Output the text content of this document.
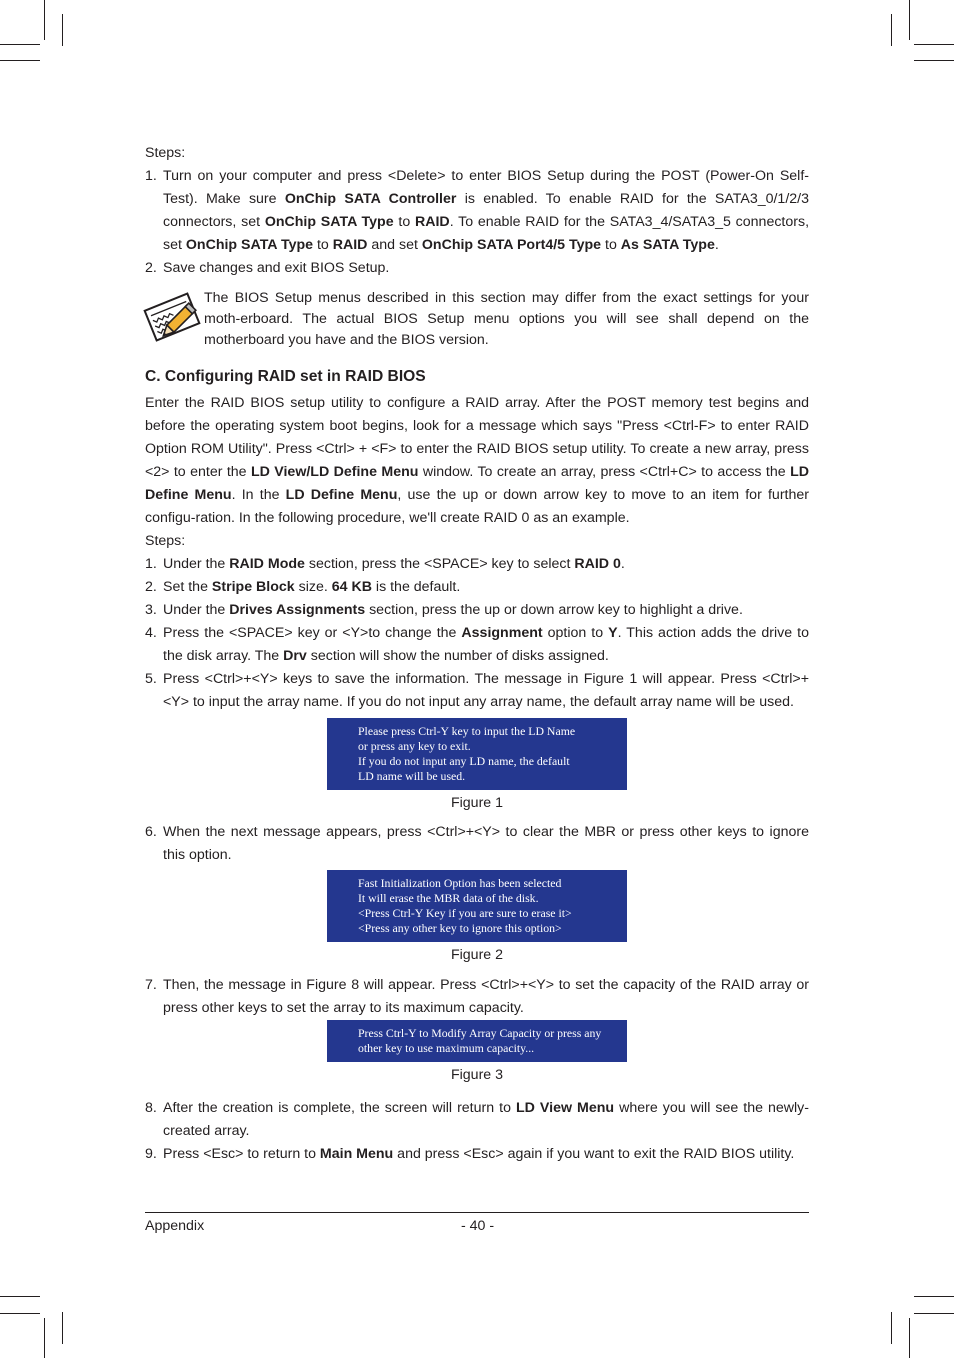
Steps:

1. Turn on your computer and press <Delete> to enter BIOS Setup during the POST (Power-On Self-Test). Make sure OnChip SATA Controller is enabled. To enable RAID for the SATA3_0/1/2/3 connectors, set OnChip SATA Type to RAID. To enable RAID for the SATA3_4/SATA3_5 connectors, set OnChip SATA Type to RAID and set OnChip SATA Port4/5 Type to As SATA Type.
2. Save changes and exit BIOS Setup.
The BIOS Setup menus described in this section may differ from the exact settings for your moth-erboard. The actual BIOS Setup menu options you will see shall depend on the motherboard you have and the BIOS version.
C. Configuring RAID set in RAID BIOS
Enter the RAID BIOS setup utility to configure a RAID array. After the POST memory test begins and before the operating system boot begins, look for a message which says "Press <Ctrl-F> to enter RAID Option ROM Utility". Press <Ctrl> + <F> to enter the RAID BIOS setup utility. To create a new array, press <2> to enter the LD View/LD Define Menu window. To create an array, press <Ctrl+C> to access the LD Define Menu. In the LD Define Menu, use the up or down arrow key to move to an item for further configu-ration. In the following procedure, we'll create RAID 0 as an example.

Steps:

1. Under the RAID Mode section, press the <SPACE> key to select RAID 0.
2. Set the Stripe Block size. 64 KB is the default.
3. Under the Drives Assignments section, press the up or down arrow key to highlight a drive.
4. Press the <SPACE> key or <Y>to change the Assignment option to Y. This action adds the drive to the disk array. The Drv section will show the number of disks assigned.
5. Press <Ctrl>+<Y> keys to save the information. The message in Figure 1 will appear. Press <Ctrl>+<Y> to input the array name. If you do not input any array name, the default array name will be used.
Please press Ctrl-Y key to input the LD Name
or press any key to exit.
If you do not input any LD name, the default
LD name will be used.
Figure 1
6. When the next message appears, press <Ctrl>+<Y> to clear the MBR or press other keys to ignore this option.
Fast Initialization Option has been selected
It will erase the MBR data of the disk.
<Press Ctrl-Y Key if you are sure to erase it>
<Press any other key to ignore this option>
Figure 2
7. Then, the message in Figure 8 will appear. Press <Ctrl>+<Y> to set the capacity of the RAID array or press other keys to set the array to its maximum capacity.
Press Ctrl-Y to Modify Array Capacity or press any
other key to use maximum capacity...
Figure 3
8. After the creation is complete, the screen will return to LD View Menu where you will see the newly-created array.
9. Press <Esc> to return to Main Menu and press <Esc> again if you want to exit the RAID BIOS utility.
Appendix	- 40 -
